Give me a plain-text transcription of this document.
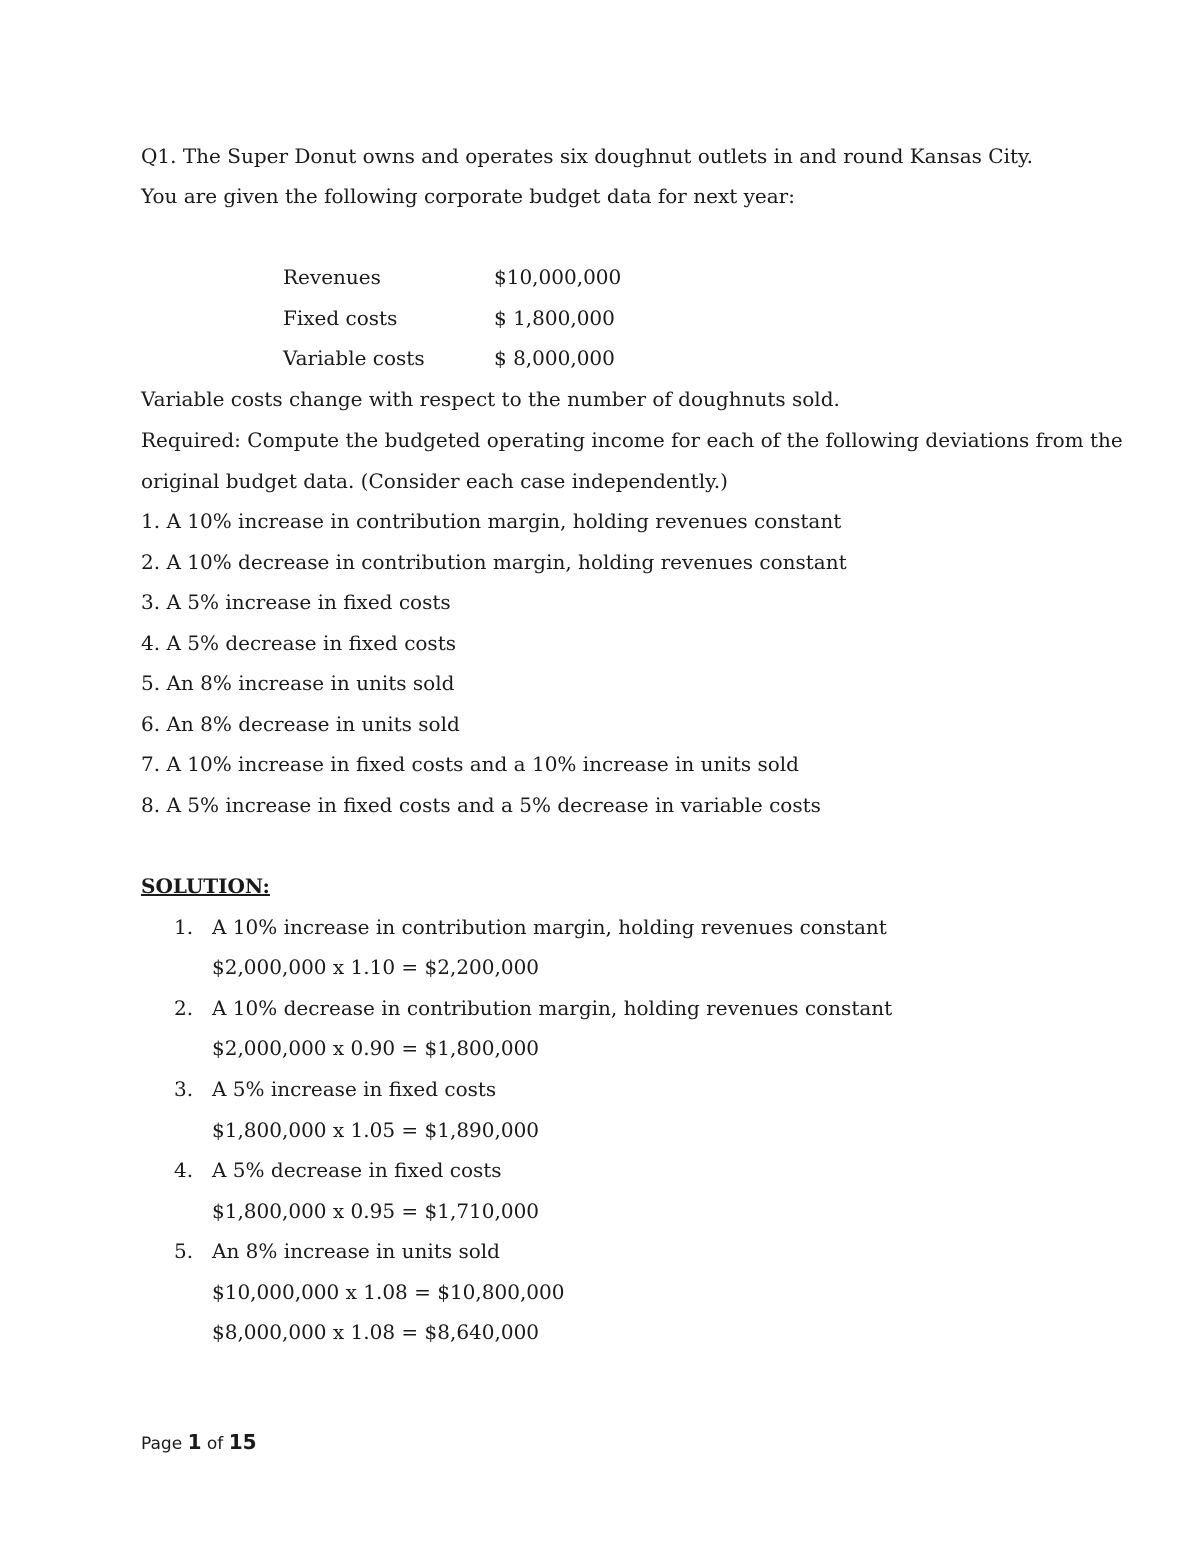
Q1. The Super Donut owns and operates six doughnut outlets in and round Kansas City.
You are given the following corporate budget data for next year:
Revenues	$10,000,000
Fixed costs	$ 1,800,000
Variable costs	$ 8,000,000
Variable costs change with respect to the number of doughnuts sold.
Required: Compute the budgeted operating income for each of the following deviations from the
original budget data. (Consider each case independently.)
1. A 10% increase in contribution margin, holding revenues constant
2. A 10% decrease in contribution margin, holding revenues constant
3. A 5% increase in fixed costs
4. A 5% decrease in fixed costs
5. An 8% increase in units sold
6. An 8% decrease in units sold
7. A 10% increase in fixed costs and a 10% increase in units sold
8. A 5% increase in fixed costs and a 5% decrease in variable costs
SOLUTION:
1. A 10% increase in contribution margin, holding revenues constant
$2,000,000 x 1.10 = $2,200,000
2. A 10% decrease in contribution margin, holding revenues constant
$2,000,000 x 0.90 = $1,800,000
3. A 5% increase in fixed costs
$1,800,000 x 1.05 = $1,890,000
4. A 5% decrease in fixed costs
$1,800,000 x 0.95 = $1,710,000
5. An 8% increase in units sold
$10,000,000 x 1.08 = $10,800,000
$8,000,000 x 1.08 = $8,640,000
Page 1 of 15
